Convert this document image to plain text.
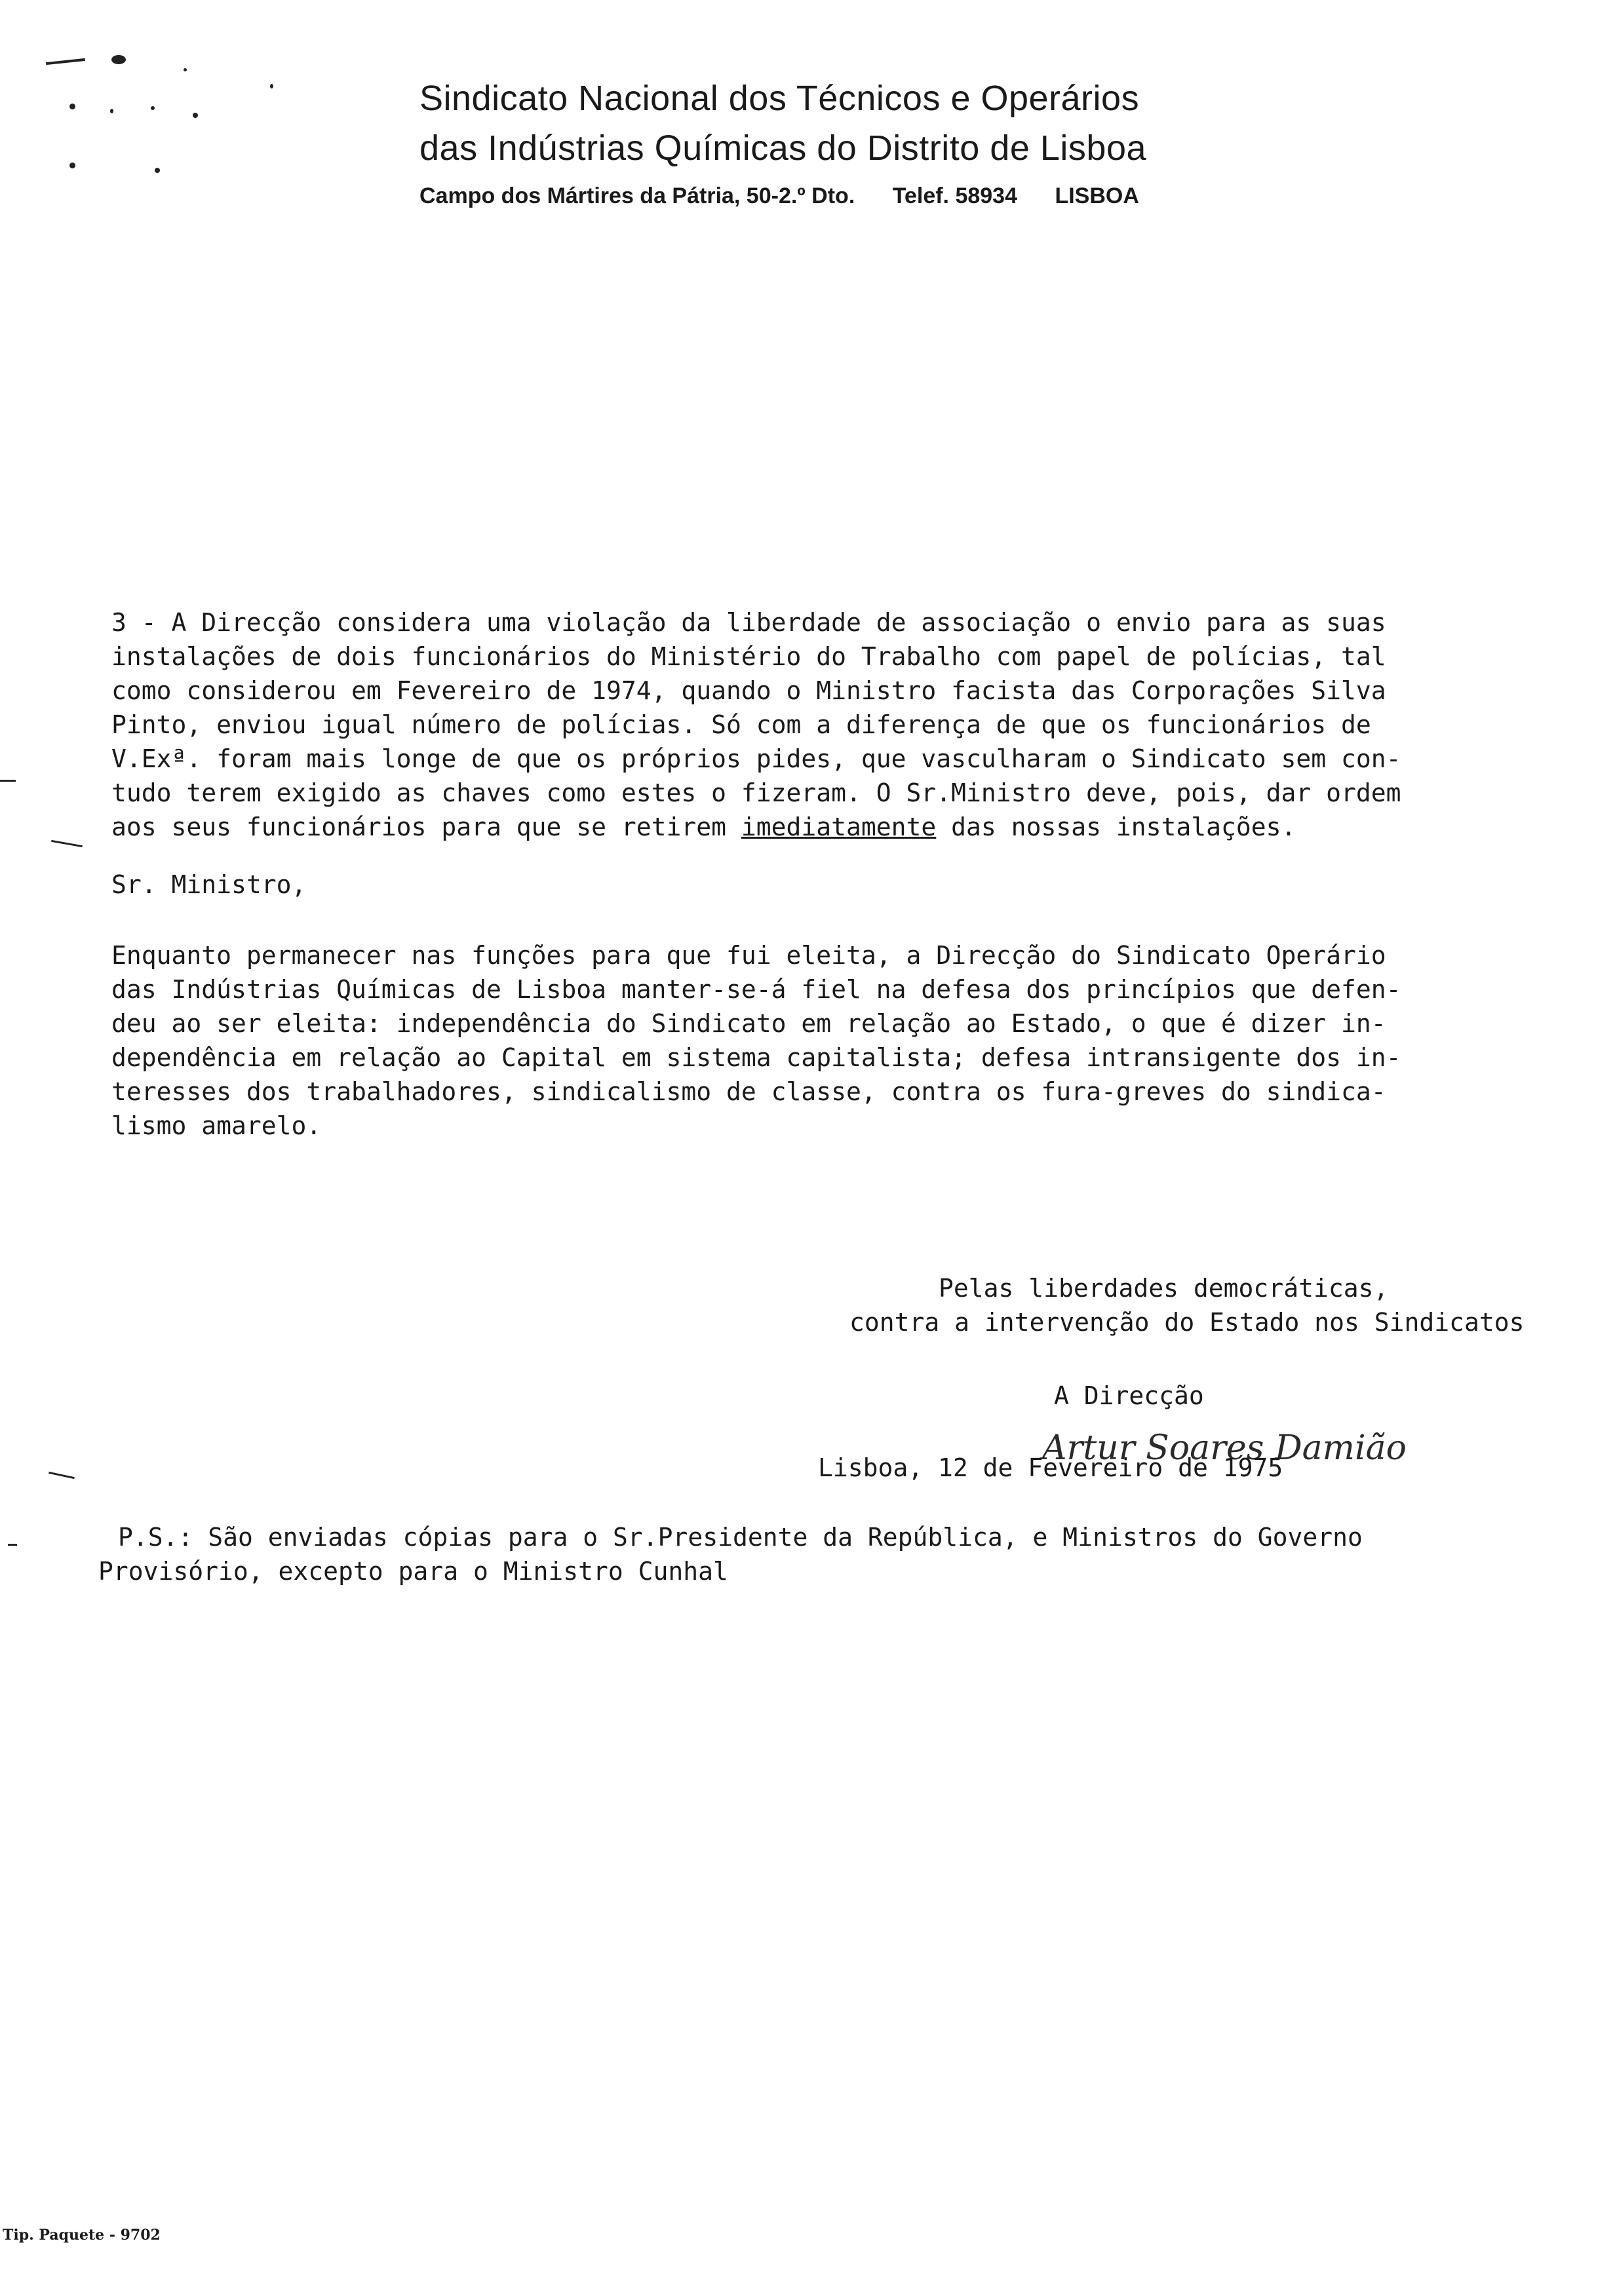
Sindicato Nacional dos Técnicos e Operários
das Indústrias Químicas do Distrito de Lisboa
Campo dos Mártires da Pátria, 50-2.º Dto. Telef. 58934 LISBOA
3 - A Direcção considera uma violação da liberdade de associação o envio para as suas
instalações de dois funcionários do Ministério do Trabalho com papel de polícias, tal
como considerou em Fevereiro de 1974, quando o Ministro facista das Corporações Silva
Pinto, enviou igual número de polícias. Só com a diferença de que os funcionários de
V.Exª. foram mais longe de que os próprios pides, que vasculharam o Sindicato sem con-
tudo terem exigido as chaves como estes o fizeram. O Sr.Ministro deve, pois, dar ordem
aos seus funcionários para que se retirem imediatamente das nossas instalações.
Sr. Ministro,
Enquanto permanecer nas funções para que fui eleita, a Direcção do Sindicato Operário
das Indústrias Químicas de Lisboa manter-se-á fiel na defesa dos princípios que defen-
deu ao ser eleita: independência do Sindicato em relação ao Estado, o que é dizer in-
dependência em relação ao Capital em sistema capitalista; defesa intransigente dos in-
teresses dos trabalhadores, sindicalismo de classe, contra os fura-greves do sindica-
lismo amarelo.
Pelas liberdades democráticas,
contra a intervenção do Estado nos Sindicatos
A Direcção
Artur Soares Damião
Lisboa, 12 de Fevereiro de 1975
P.S.: São enviadas cópias para o Sr.Presidente da República, e Ministros do Governo
Provisório, excepto para o Ministro Cunhal
Tip. Paquete - 9702
